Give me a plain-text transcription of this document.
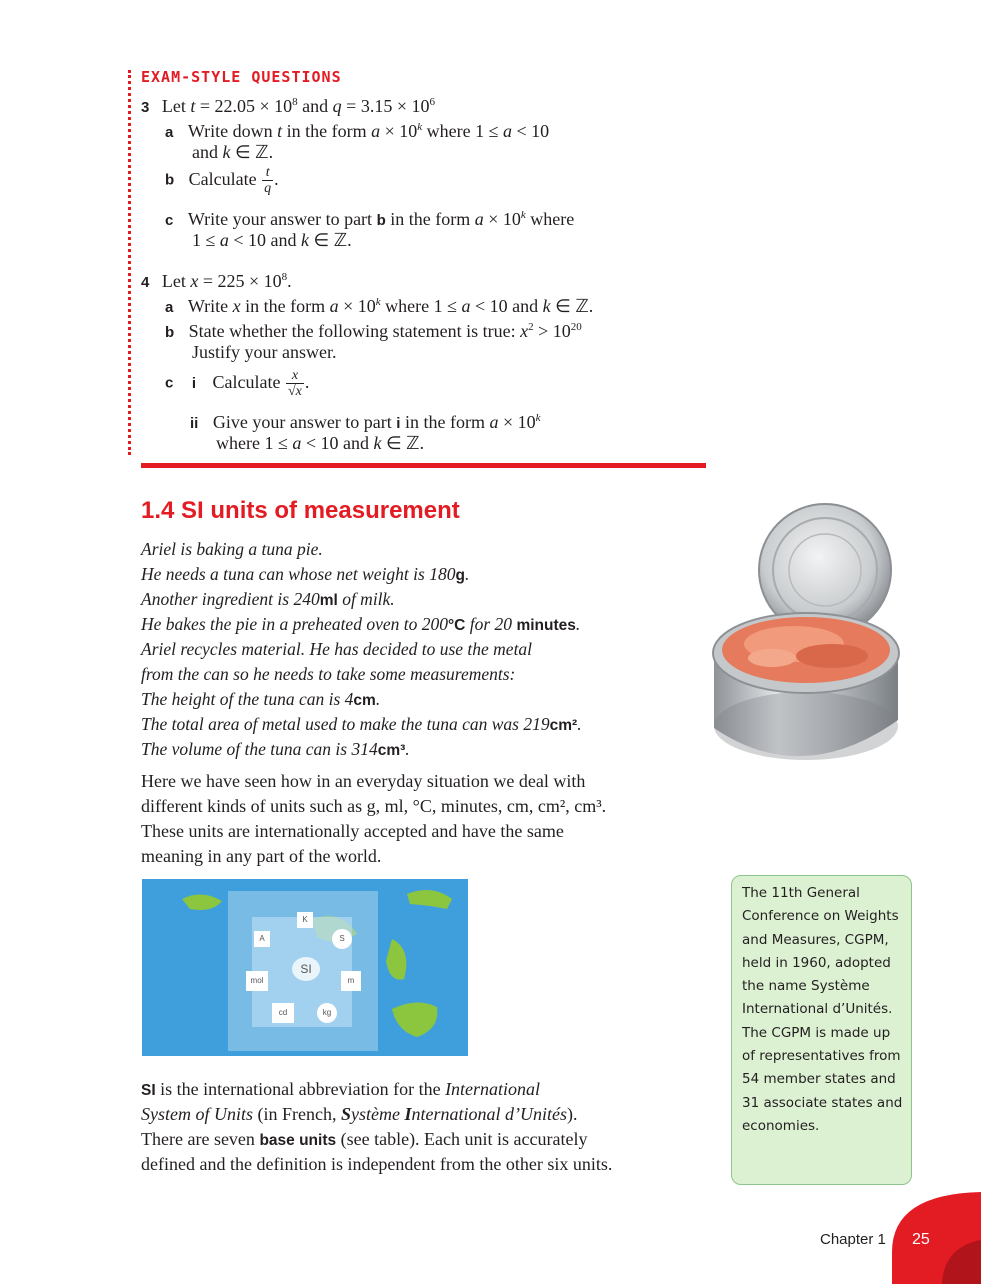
EXAM-STYLE QUESTIONS
3 Let $t = 22.05 \times 10^8$ and $q = 3.15 \times 10^6$
a Write down t in the form $a \times 10^k$ where 1 ≤ a < 10
and k ∈ ℤ.
b Calculate $\frac{t}{q}$ .
c Write your answer to part b in the form $a \times 10^k$ where
1 ≤ a < 10 and k ∈ ℤ.
4 Let $x = 225 \times 10^8$.
a Write x in the form $a \times 10^k$ where 1 ≤ a < 10 and k ∈ ℤ.
b State whether the following statement is true: $x^2 > 10^{20}$
Justify your answer.
c i Calculate $\frac{x}{√x}$ .
ii Give your answer to part i in the form $a \times 10^k$
where 1 ≤ a < 10 and k ∈ ℤ.
1.4 SI units of measurement
Ariel is baking a tuna pie.
He needs a tuna can whose net weight is 180g.
Another ingredient is 240ml of milk.
He bakes the pie in a preheated oven to 200°C for 20 minutes.
Ariel recycles material. He has decided to use the metal
from the can so he needs to take some measurements:
The height of the tuna can is 4cm.
The total area of metal used to make the tuna can was 219cm².
The volume of the tuna can is 314cm³.
Here we have seen how in an everyday situation we deal with
different kinds of units such as g, ml, °C, minutes, cm, cm², cm³.
These units are internationally accepted and have the same
meaning in any part of the world.
K
A	S
mol	m
cd	kg
SI
SI is the international abbreviation for the International
System of Units (in French, Système International d’Unités).
There are seven base units (see table). Each unit is accurately
defined and the definition is independent from the other six units.
The 11th General Conference on Weights and Measures, CGPM, held in 1960, adopted the name Système International d’Unités. The CGPM is made up of representatives from 54 member states and 31 associate states and economies.
Chapter 1 25
